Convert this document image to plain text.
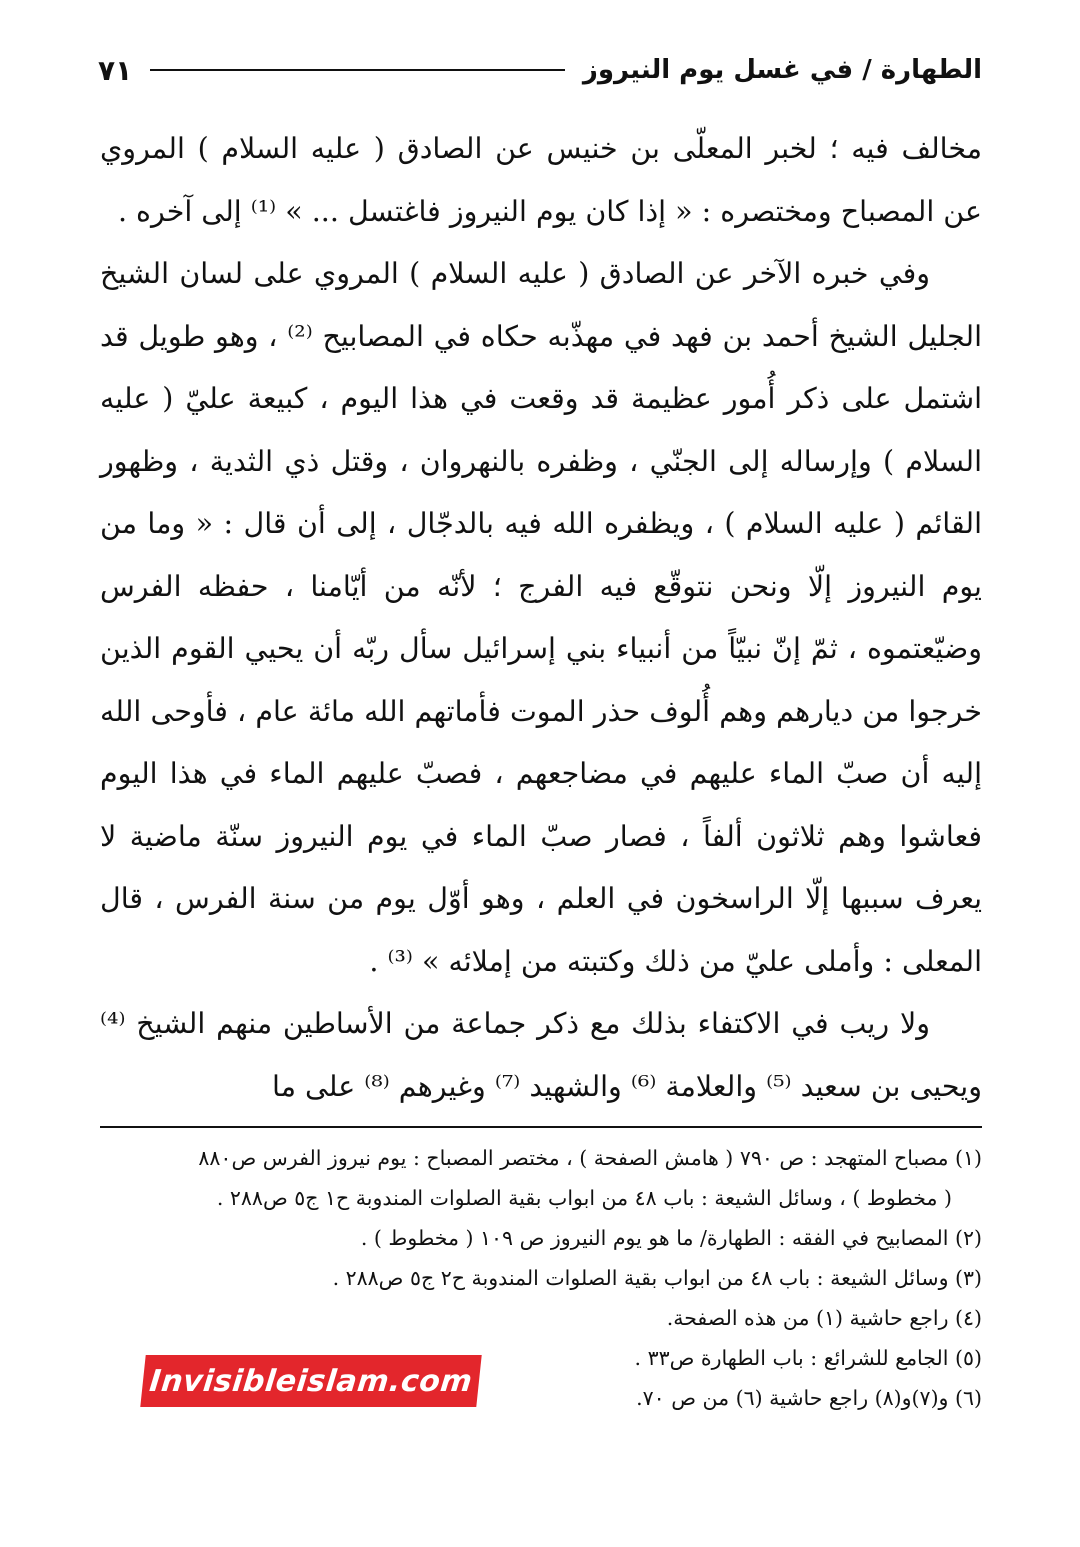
الطهارة / في غسل يوم النيروز
٧١

مخالف فيه ؛ لخبر المعلّى بن خنيس عن الصادق ( عليه السلام ) المروي عن المصباح ومختصره : « إذا كان يوم النيروز فاغتسل ... » ⁽¹⁾ إلى آخره .

وفي خبره الآخر عن الصادق ( عليه السلام ) المروي على لسان الشيخ الجليل الشيخ أحمد بن فهد في مهذّبه حكاه في المصابيح ⁽²⁾ ، وهو طويل قد اشتمل على ذكر أُمور عظيمة قد وقعت في هذا اليوم ، كبيعة عليّ ( عليه السلام ) وإرساله إلى الجنّي ، وظفره بالنهروان ، وقتل ذي الثدية ، وظهور القائم ( عليه السلام ) ، ويظفره الله فيه بالدجّال ، إلى أن قال : « وما من يوم النيروز إلّا ونحن نتوقّع فيه الفرج ؛ لأنّه من أيّامنا ، حفظه الفرس وضيّعتموه ، ثمّ إنّ نبيّاً من أنبياء بني إسرائيل سأل ربّه أن يحيي القوم الذين خرجوا من ديارهم وهم أُلوف حذر الموت فأماتهم الله مائة عام ، فأوحى الله إليه أن صبّ الماء عليهم في مضاجعهم ، فصبّ عليهم الماء في هذا اليوم فعاشوا وهم ثلاثون ألفاً ، فصار صبّ الماء في يوم النيروز سنّة ماضية لا يعرف سببها إلّا الراسخون في العلم ، وهو أوّل يوم من سنة الفرس ، قال المعلى : وأملى عليّ من ذلك وكتبته من إملائه » ⁽³⁾ .

ولا ريب في الاكتفاء بذلك مع ذكر جماعة من الأساطين منهم الشيخ ⁽⁴⁾ ويحيى بن سعيد ⁽⁵⁾ والعلامة ⁽⁶⁾ والشهيد ⁽⁷⁾ وغيرهم ⁽⁸⁾ على ما

(١) مصباح المتهجد : ص ٧٩٠ ( هامش الصفحة ) ، مختصر المصباح : يوم نيروز الفرس ص٨٨٠

( مخطوط ) ، وسائل الشيعة : باب ٤٨ من ابواب بقية الصلوات المندوبة ح١ ج٥ ص٢٨٨ .

(٢) المصابيح في الفقه : الطهارة/ ما هو يوم النيروز ص ١٠٩ ( مخطوط ) .

(٣) وسائل الشيعة : باب ٤٨ من ابواب بقية الصلوات المندوبة ح٢ ج٥ ص٢٨٨ .

(٤) راجع حاشية (١) من هذه الصفحة.

(٥) الجامع للشرائع : باب الطهارة ص٣٣ .

(٦) و(٧)و(٨) راجع حاشية (٦) من ص ٧٠.

Invisibleislam.com
